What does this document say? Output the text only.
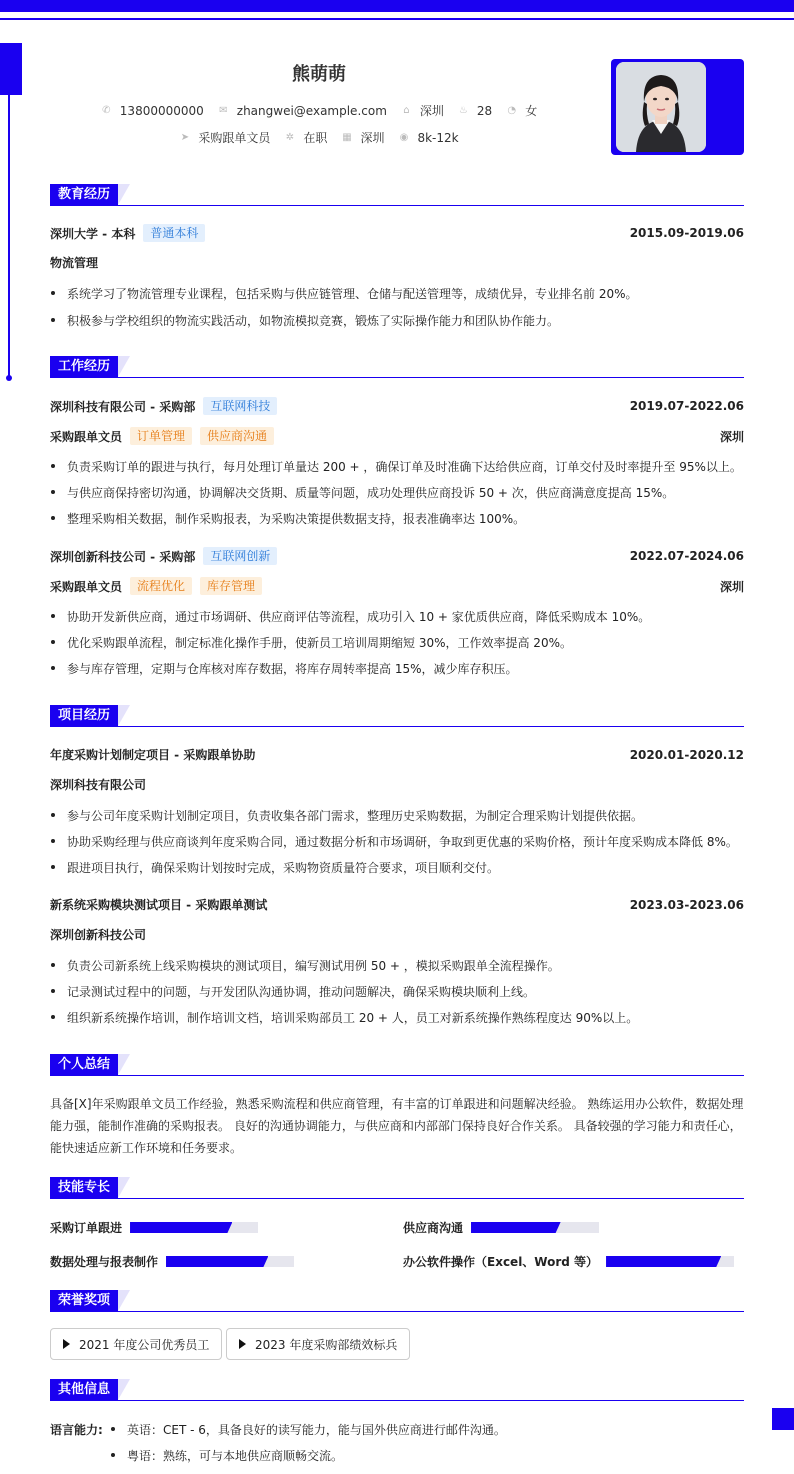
熊萌萌
✆ 13800000000 ✉ zhangwei@example.com ⌂ 深圳 ♨ 28 ◔ 女
➤ 采购跟单文员 ✲ 在职 ▦ 深圳 ◉ 8k-12k
教育经历
深圳大学 - 本科	普通本科	2015.09-2019.06
物流管理
系统学习了物流管理专业课程，包括采购与供应链管理、仓储与配送管理等，成绩优异，专业排名前 20%。
积极参与学校组织的物流实践活动，如物流模拟竞赛，锻炼了实际操作能力和团队协作能力。
工作经历
深圳科技有限公司 - 采购部	互联网科技	2019.07-2022.06
采购跟单文员	订单管理	供应商沟通	深圳
负责采购订单的跟进与执行，每月处理订单量达 200 + ，确保订单及时准确下达给供应商，订单交付及时率提升至 95%以上。
与供应商保持密切沟通，协调解决交货期、质量等问题，成功处理供应商投诉 50 + 次，供应商满意度提高 15%。
整理采购相关数据，制作采购报表，为采购决策提供数据支持，报表准确率达 100%。
深圳创新科技公司 - 采购部	互联网创新	2022.07-2024.06
采购跟单文员	流程优化	库存管理	深圳
协助开发新供应商，通过市场调研、供应商评估等流程，成功引入 10 + 家优质供应商，降低采购成本 10%。
优化采购跟单流程，制定标准化操作手册，使新员工培训周期缩短 30%，工作效率提高 20%。
参与库存管理，定期与仓库核对库存数据，将库存周转率提高 15%，减少库存积压。
项目经历
年度采购计划制定项目 - 采购跟单协助	2020.01-2020.12
深圳科技有限公司
参与公司年度采购计划制定项目，负责收集各部门需求，整理历史采购数据，为制定合理采购计划提供依据。
协助采购经理与供应商谈判年度采购合同，通过数据分析和市场调研，争取到更优惠的采购价格，预计年度采购成本降低 8%。
跟进项目执行，确保采购计划按时完成，采购物资质量符合要求，项目顺利交付。
新系统采购模块测试项目 - 采购跟单测试	2023.03-2023.06
深圳创新科技公司
负责公司新系统上线采购模块的测试项目，编写测试用例 50 + ，模拟采购跟单全流程操作。
记录测试过程中的问题，与开发团队沟通协调，推动问题解决，确保采购模块顺利上线。
组织新系统操作培训，制作培训文档，培训采购部员工 20 + 人，员工对新系统操作熟练程度达 90%以上。
个人总结
具备[X]年采购跟单文员工作经验，熟悉采购流程和供应商管理，有丰富的订单跟进和问题解决经验。 熟练运用办公软件，数据处理能力强，能制作准确的采购报表。 良好的沟通协调能力，与供应商和内部部门保持良好合作关系。 具备较强的学习能力和责任心，能快速适应新工作环境和任务要求。
技能专长
采购订单跟进	供应商沟通
数据处理与报表制作	办公软件操作（Excel、Word 等）
荣誉奖项
2021 年度公司优秀员工	2023 年度采购部绩效标兵
其他信息
语言能力:	英语：CET - 6，具备良好的读写能力，能与国外供应商进行邮件沟通。
粤语：熟练，可与本地供应商顺畅交流。
